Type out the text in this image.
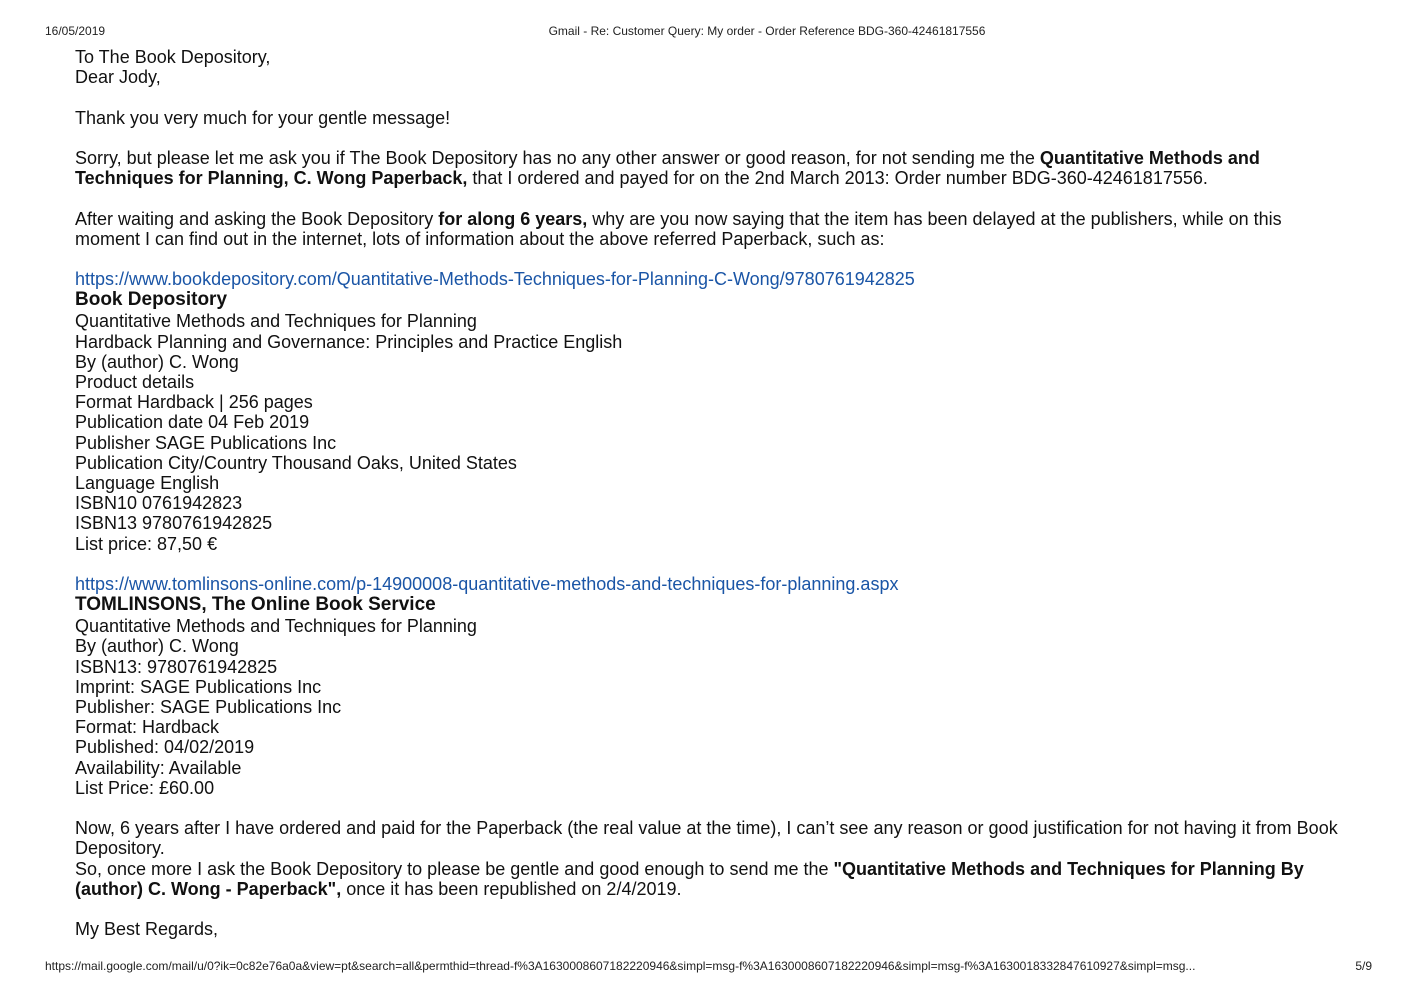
16/05/2019	Gmail - Re: Customer Query: My order - Order Reference BDG-360-42461817556

To The Book Depository,

Dear Jody,

Thank you very much for your gentle message!

Sorry, but please let me ask you if The Book Depository has no any other answer or good reason, for not sending me the Quantitative Methods and Techniques for Planning, C. Wong Paperback, that I ordered and payed for on the 2nd March 2013: Order number BDG-360-42461817556.

After waiting and asking the Book Depository for along 6 years, why are you now saying that the item has been delayed at the publishers, while on this moment I can find out in the internet, lots of information about the above referred Paperback, such as:

https://www.bookdepository.com/Quantitative-Methods-Techniques-for-Planning-C-Wong/9780761942825

Book Depository

Quantitative Methods and Techniques for Planning

Hardback Planning and Governance: Principles and Practice English

By (author) C. Wong

Product details

Format Hardback | 256 pages

Publication date 04 Feb 2019

Publisher SAGE Publications Inc

Publication City/Country Thousand Oaks, United States

Language English

ISBN10 0761942823

ISBN13 9780761942825

List price: 87,50 €

https://www.tomlinsons-online.com/p-14900008-quantitative-methods-and-techniques-for-planning.aspx

TOMLINSONS, The Online Book Service

Quantitative Methods and Techniques for Planning

By (author) C. Wong

ISBN13: 9780761942825

Imprint: SAGE Publications Inc

Publisher: SAGE Publications Inc

Format: Hardback

Published: 04/02/2019

Availability: Available

List Price: £60.00

Now, 6 years after I have ordered and paid for the Paperback (the real value at the time), I can’t see any reason or good justification for not having it from Book Depository.

So, once more I ask the Book Depository to please be gentle and good enough to send me the "Quantitative Methods and Techniques for Planning By (author) C. Wong - Paperback", once it has been republished on 2/4/2019.

My Best Regards,

https://mail.google.com/mail/u/0?ik=0c82e76a0a&view=pt&search=all&permthid=thread-f%3A1630008607182220946&simpl=msg-f%3A1630008607182220946&simpl=msg-f%3A1630018332847610927&simpl=msg...	5/9
